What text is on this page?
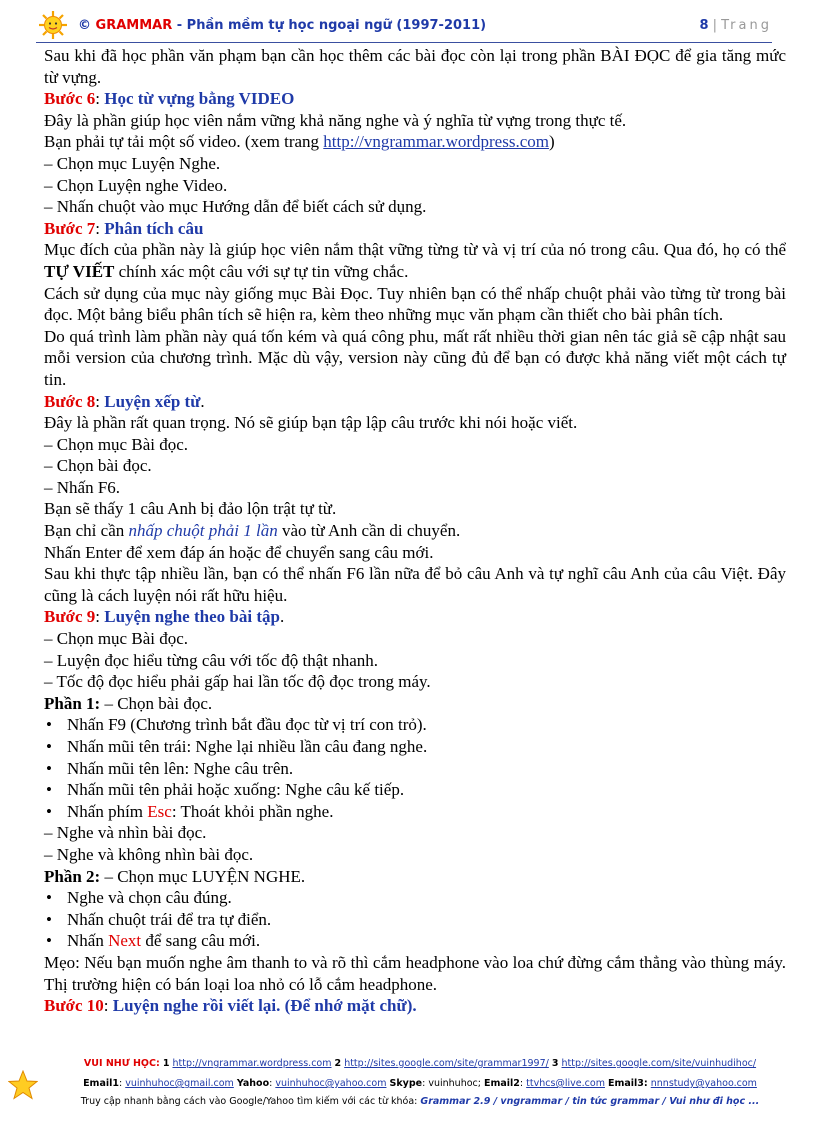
© GRAMMAR - Phần mềm tự học ngoại ngữ (1997-2011)	8 | Trang

Sau khi đã học phần văn phạm bạn cần học thêm các bài đọc còn lại trong phần BÀI ĐỌC để gia tăng mức từ vựng.

Bước 6: Học từ vựng bằng VIDEO

Đây là phần giúp học viên nắm vững khả năng nghe và ý nghĩa từ vựng trong thực tế.

Bạn phải tự tải một số video. (xem trang http://vngrammar.wordpress.com)

– Chọn mục Luyện Nghe.

– Chọn Luyện nghe Video.

– Nhấn chuột vào mục Hướng dẫn để biết cách sử dụng.

Bước 7: Phân tích câu

Mục đích của phần này là giúp học viên nắm thật vững từng từ và vị trí của nó trong câu. Qua đó, họ có thể TỰ VIẾT chính xác một câu với sự tự tin vững chắc.

Cách sử dụng của mục này giống mục Bài Đọc. Tuy nhiên bạn có thể nhấp chuột phải vào từng từ trong bài đọc. Một bảng biểu phân tích sẽ hiện ra, kèm theo những mục văn phạm cần thiết cho bài phân tích.

Do quá trình làm phần này quá tốn kém và quá công phu, mất rất nhiều thời gian nên tác giả sẽ cập nhật sau mỗi version của chương trình. Mặc dù vậy, version này cũng đủ để bạn có được khả năng viết một cách tự tin.

Bước 8: Luyện xếp từ.

Đây là phần rất quan trọng. Nó sẽ giúp bạn tập lập câu trước khi nói hoặc viết.

– Chọn mục Bài đọc.

– Chọn bài đọc.

– Nhấn F6.

Bạn sẽ thấy 1 câu Anh bị đảo lộn trật tự từ.

Bạn chỉ cần nhấp chuột phải 1 lần vào từ Anh cần di chuyển.

Nhấn Enter để xem đáp án hoặc để chuyển sang câu mới.

Sau khi thực tập nhiều lần, bạn có thể nhấn F6 lần nữa để bỏ câu Anh và tự nghĩ câu Anh của câu Việt. Đây cũng là cách luyện nói rất hữu hiệu.

Bước 9: Luyện nghe theo bài tập.

– Chọn mục Bài đọc.

– Luyện đọc hiểu từng câu với tốc độ thật nhanh.

– Tốc độ đọc hiểu phải gấp hai lần tốc độ đọc trong máy.

Phần 1: – Chọn bài đọc.

• Nhấn F9 (Chương trình bắt đầu đọc từ vị trí con trỏ).
• Nhấn mũi tên trái: Nghe lại nhiều lần câu đang nghe.
• Nhấn mũi tên lên: Nghe câu trên.
• Nhấn mũi tên phải hoặc xuống: Nghe câu kế tiếp.
• Nhấn phím Esc: Thoát khỏi phần nghe.

– Nghe và nhìn bài đọc.

– Nghe và không nhìn bài đọc.

Phần 2: – Chọn mục LUYỆN NGHE.

• Nghe và chọn câu đúng.
• Nhấn chuột trái để tra tự điển.
• Nhấn Next để sang câu mới.

Mẹo: Nếu bạn muốn nghe âm thanh to và rõ thì cắm headphone vào loa chứ đừng cắm thẳng vào thùng máy. Thị trường hiện có bán loại loa nhỏ có lỗ cắm headphone.

Bước 10: Luyện nghe rồi viết lại. (Để nhớ mặt chữ).

VUI NHƯ HỌC: 1 http://vngrammar.wordpress.com 2 http://sites.google.com/site/grammar1997/ 3 http://sites.google.com/site/vuinhudihoc/
Email1: vuinhuhoc@gmail.com Yahoo: vuinhuhoc@yahoo.com Skype: vuinhuhoc; Email2: ttvhcs@live.com Email3: nnnstudy@yahoo.com
Truy cập nhanh bằng cách vào Google/Yahoo tìm kiếm với các từ khóa: Grammar 2.9 / vngrammar / tin tức grammar / Vui như đi học ...
